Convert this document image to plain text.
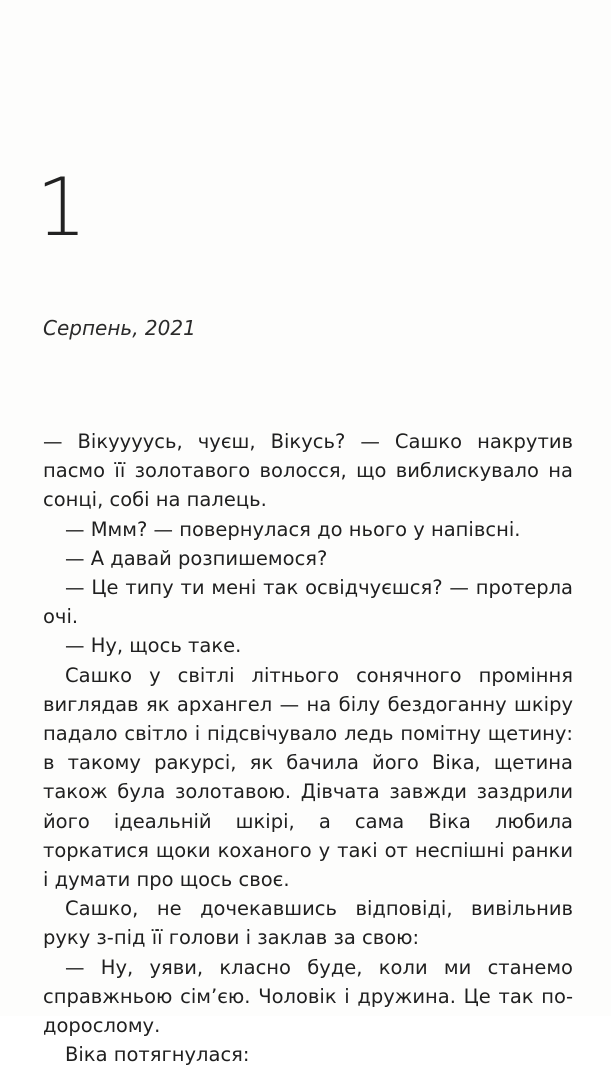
1
Серпень, 2021

— Вікуууусь, чуєш, Вікусь? — Сашко накрутив пасмо її золотавого волосся, що виблискувало на сонці, собі на палець.

— Ммм? — повернулася до нього у напівсні.

— А давай розпишемося?

— Це типу ти мені так освідчуєшся? — протерла очі.

— Ну, щось таке.

Сашко у світлі літнього сонячного проміння виглядав як архангел — на білу бездоганну шкіру падало світло і підсвічувало ледь помітну щетину: в такому ракурсі, як бачила його Віка, щетина також була золотавою. Дівчата завжди заздрили його ідеальній шкірі, а сама Віка любила торкатися щоки коханого у такі от неспішні ранки і думати про щось своє.

Сашко, не дочекавшись відповіді, вивільнив руку з-під її голови і заклав за свою:

— Ну, уяви, класно буде, коли ми станемо справжньою сім’єю. Чоловік і дружина. Це так по-дорослому.

Віка потягнулася:
